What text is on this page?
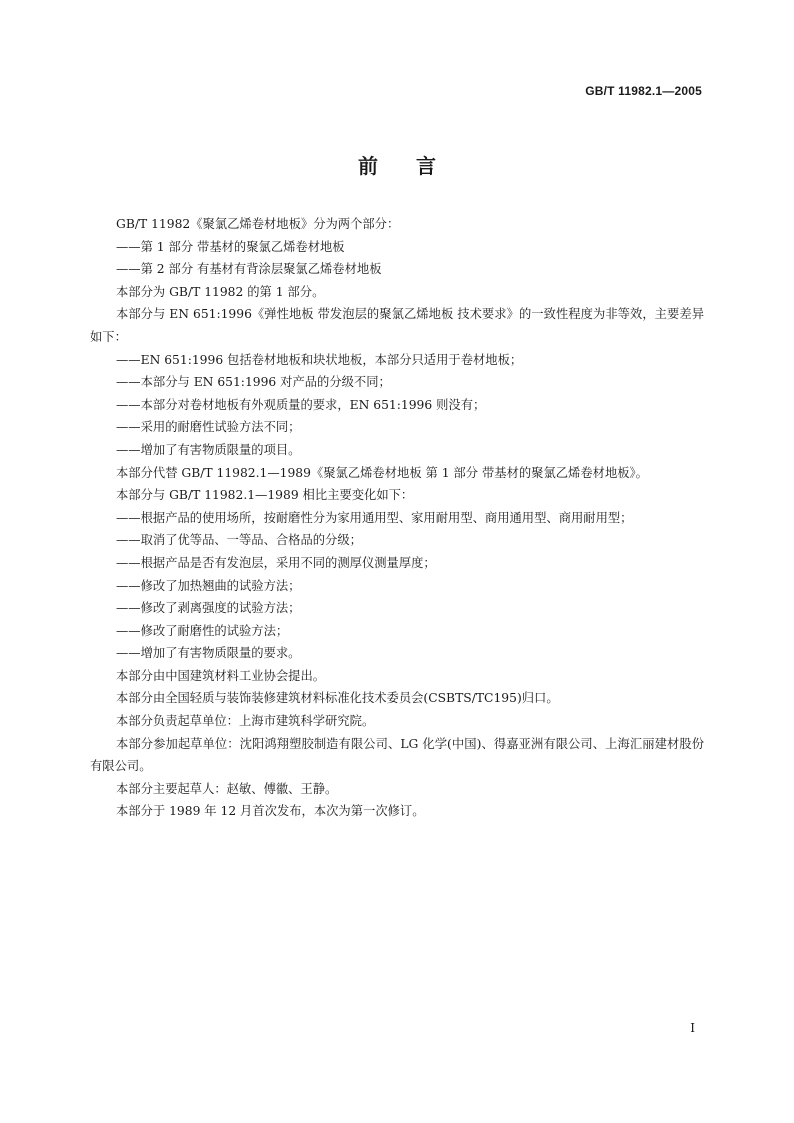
GB/T 11982.1—2005
前言

GB/T 11982《聚氯乙烯卷材地板》分为两个部分：

——第 1 部分 带基材的聚氯乙烯卷材地板

——第 2 部分 有基材有背涂层聚氯乙烯卷材地板

本部分为 GB/T 11982 的第 1 部分。

本部分与 EN 651:1996《弹性地板 带发泡层的聚氯乙烯地板 技术要求》的一致性程度为非等效，主要差异如下：

——EN 651:1996 包括卷材地板和块状地板，本部分只适用于卷材地板；

——本部分与 EN 651:1996 对产品的分级不同；

——本部分对卷材地板有外观质量的要求，EN 651:1996 则没有；

——采用的耐磨性试验方法不同；

——增加了有害物质限量的项目。

本部分代替 GB/T 11982.1—1989《聚氯乙烯卷材地板 第 1 部分 带基材的聚氯乙烯卷材地板》。

本部分与 GB/T 11982.1—1989 相比主要变化如下：

——根据产品的使用场所，按耐磨性分为家用通用型、家用耐用型、商用通用型、商用耐用型；

——取消了优等品、一等品、合格品的分级；

——根据产品是否有发泡层，采用不同的测厚仪测量厚度；

——修改了加热翘曲的试验方法；

——修改了剥离强度的试验方法；

——修改了耐磨性的试验方法；

——增加了有害物质限量的要求。

本部分由中国建筑材料工业协会提出。

本部分由全国轻质与装饰装修建筑材料标准化技术委员会(CSBTS/TC195)归口。

本部分负责起草单位：上海市建筑科学研究院。

本部分参加起草单位：沈阳鸿翔塑胶制造有限公司、LG 化学(中国)、得嘉亚洲有限公司、上海汇丽建材股份有限公司。

本部分主要起草人：赵敏、傅徽、王静。

本部分于 1989 年 12 月首次发布，本次为第一次修订。

I
